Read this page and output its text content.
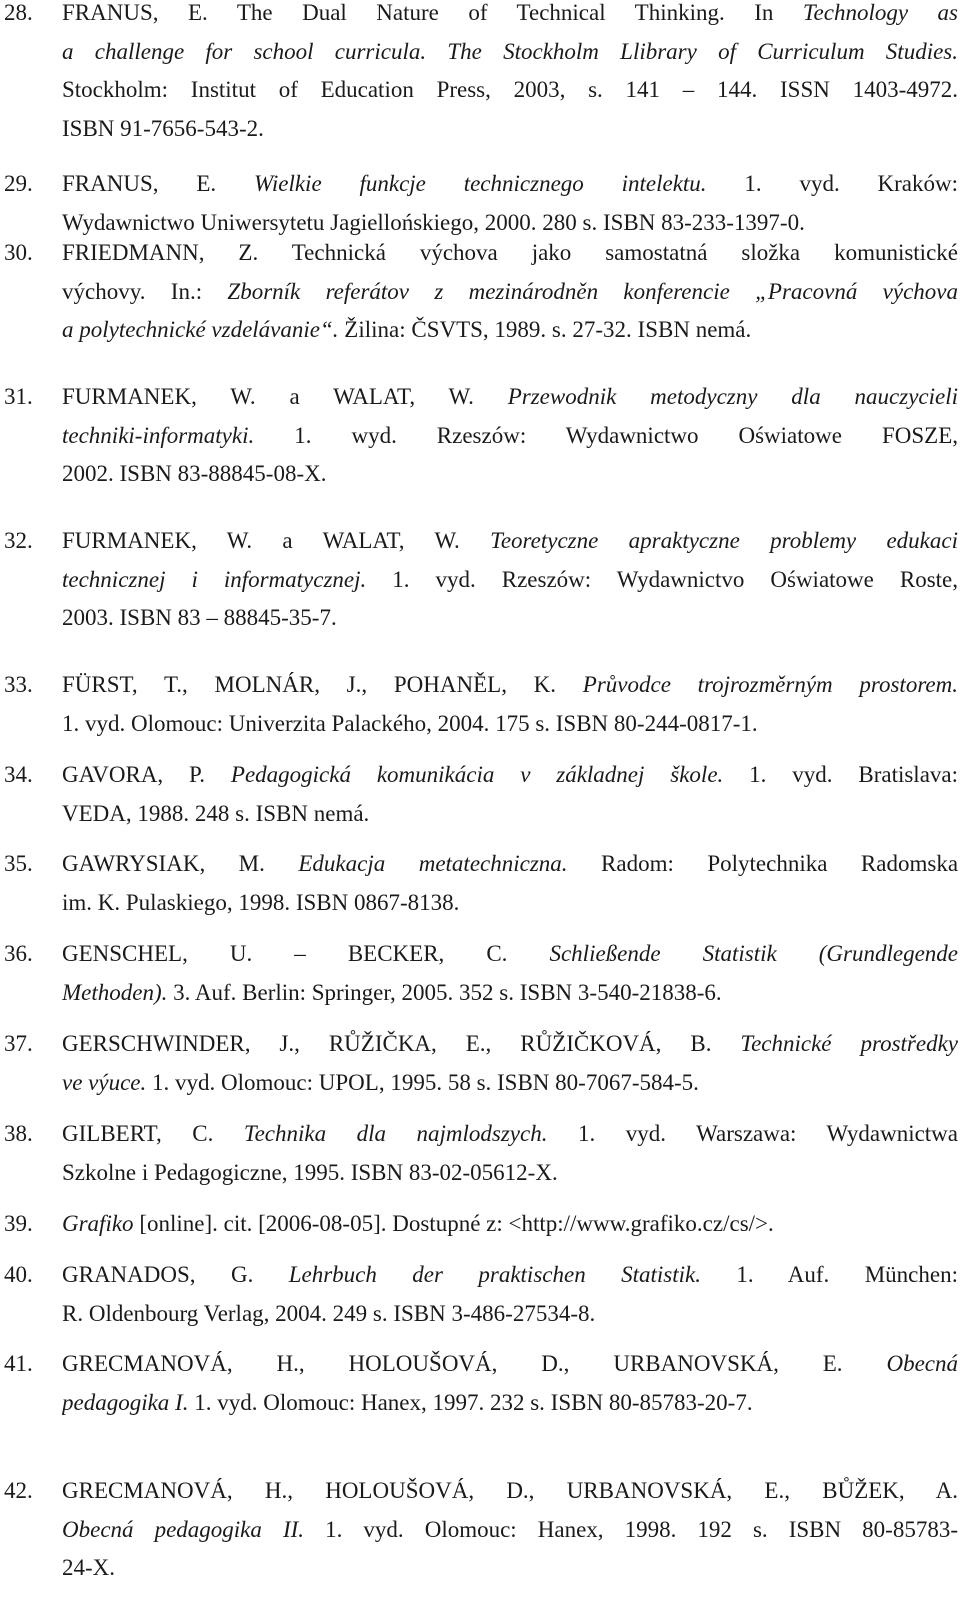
28. FRANUS, E. The Dual Nature of Technical Thinking. In Technology as
a challenge for school curricula. The Stockholm Llibrary of Curriculum Studies.
Stockholm: Institut of Education Press, 2003, s. 141 – 144. ISSN 1403-4972.
ISBN 91-7656-543-2.
29. FRANUS, E. Wielkie funkcje technicznego intelektu. 1. vyd. Kraków:
Wydawnictwo Uniwersytetu Jagiellońskiego, 2000. 280 s. ISBN 83-233-1397-0.
30. FRIEDMANN, Z. Technická výchova jako samostatná složka komunistické
výchovy. In.: Zborník referátov z mezinárodněn konferencie „Pracovná výchova
a polytechnické vzdelávanie“. Žilina: ČSVTS, 1989. s. 27-32. ISBN nemá.
31. FURMANEK, W. a WALAT, W. Przewodnik metodyczny dla nauczycieli
techniki-informatyki. 1. wyd. Rzeszów: Wydawnictwo Oświatowe FOSZE,
2002. ISBN 83-88845-08-X.
32. FURMANEK, W. a WALAT, W. Teoretyczne apraktyczne problemy edukaci
technicznej i informatycznej. 1. vyd. Rzeszów: Wydawnictvo Oświatowe Roste,
2003. ISBN 83 – 88845-35-7.
33. FÜRST, T., MOLNÁR, J., POHANĚL, K. Průvodce trojrozměrným prostorem.
1. vyd. Olomouc: Univerzita Palackého, 2004. 175 s. ISBN 80-244-0817-1.
34. GAVORA, P. Pedagogická komunikácia v základnej škole. 1. vyd. Bratislava:
VEDA, 1988. 248 s. ISBN nemá.
35. GAWRYSIAK, M. Edukacja metatechniczna. Radom: Polytechnika Radomska
im. K. Pulaskiego, 1998. ISBN 0867-8138.
36. GENSCHEL, U. – BECKER, C. Schließende Statistik (Grundlegende
Methoden). 3. Auf. Berlin: Springer, 2005. 352 s. ISBN 3-540-21838-6.
37. GERSCHWINDER, J., RŮŽIČKA, E., RŮŽIČKOVÁ, B. Technické prostředky
ve výuce. 1. vyd. Olomouc: UPOL, 1995. 58 s. ISBN 80-7067-584-5.
38. GILBERT, C. Technika dla najmlodszych. 1. vyd. Warszawa: Wydawnictwa
Szkolne i Pedagogiczne, 1995. ISBN 83-02-05612-X.
39. Grafiko [online]. cit. [2006-08-05]. Dostupné z: <http://www.grafiko.cz/cs/>.
40. GRANADOS, G. Lehrbuch der praktischen Statistik. 1. Auf. München:
R. Oldenbourg Verlag, 2004. 249 s. ISBN 3-486-27534-8.
41. GRECMANOVÁ, H., HOLOUŠOVÁ, D., URBANOVSKÁ, E. Obecná
pedagogika I. 1. vyd. Olomouc: Hanex, 1997. 232 s. ISBN 80-85783-20-7.
42. GRECMANOVÁ, H., HOLOUŠOVÁ, D., URBANOVSKÁ, E., BŮŽEK, A.
Obecná pedagogika II. 1. vyd. Olomouc: Hanex, 1998. 192 s. ISBN 80-85783-
24-X.
